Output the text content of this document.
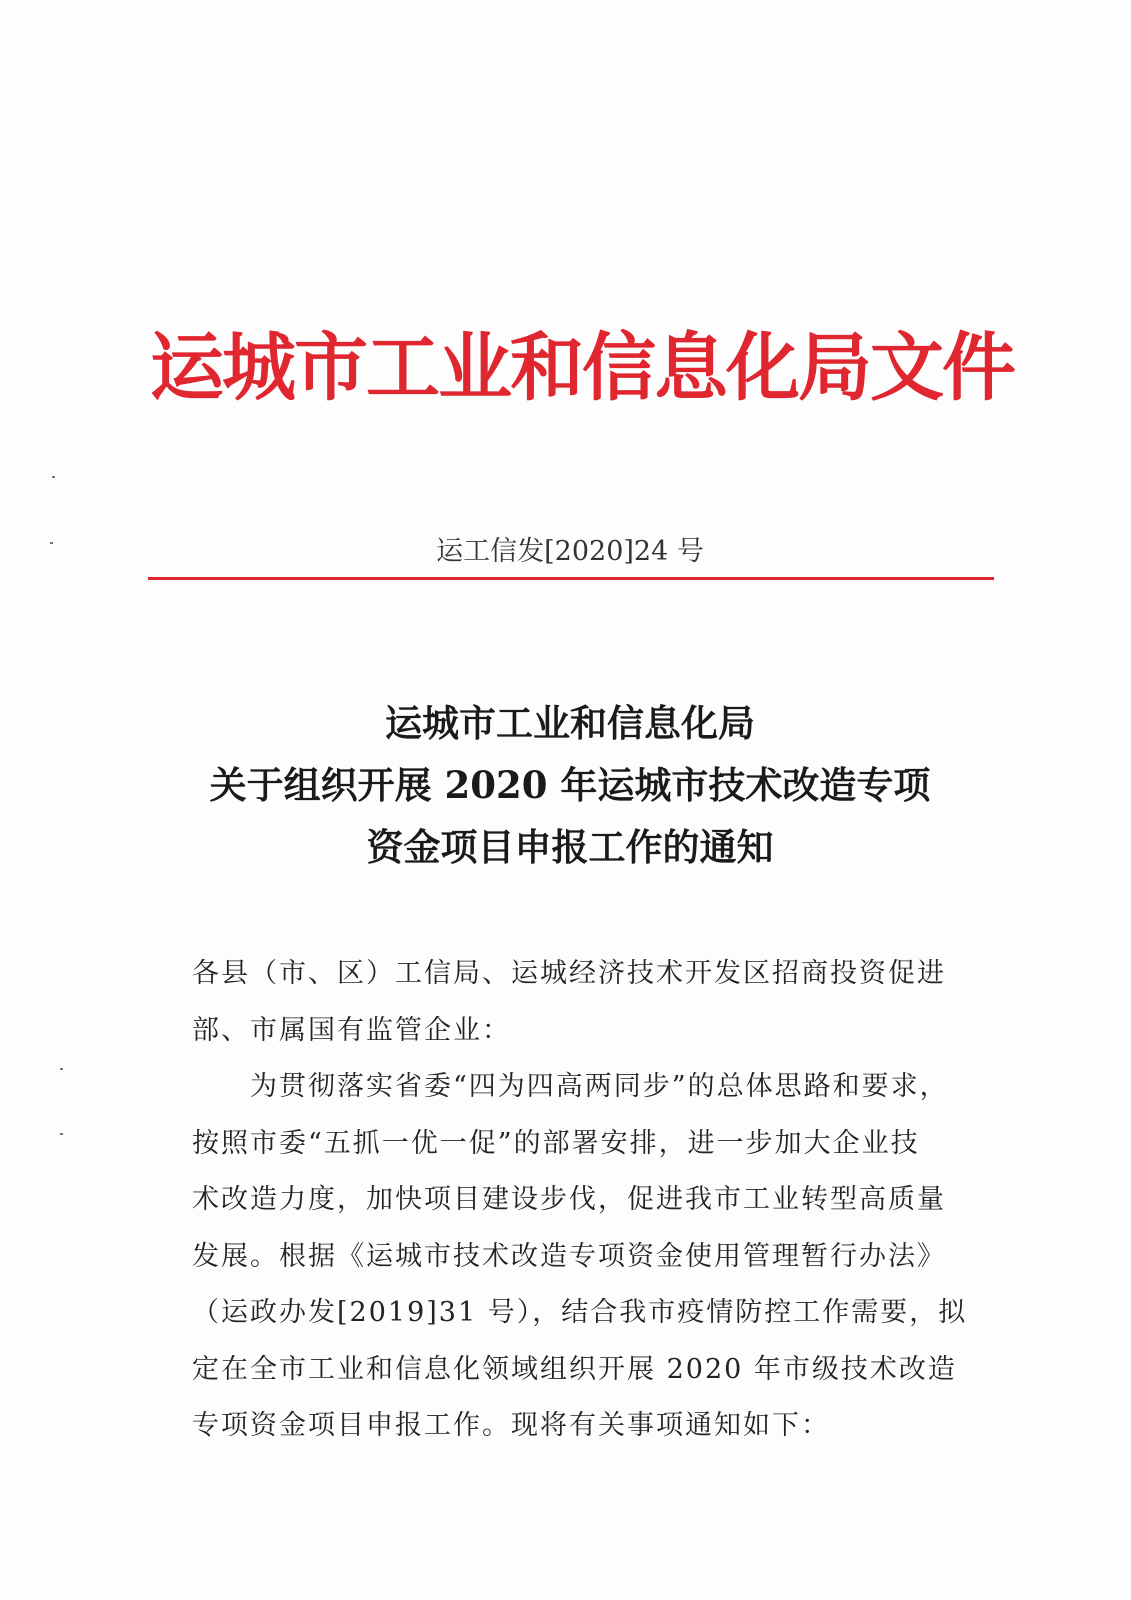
运城市工业和信息化局文件
运工信发[2020]24 号
运城市工业和信息化局
关于组织开展 2020 年运城市技术改造专项
资金项目申报工作的通知
各县（市、区）工信局、运城经济技术开发区招商投资促进
部、市属国有监管企业：
　　为贯彻落实省委“四为四高两同步”的总体思路和要求，
按照市委“五抓一优一促”的部署安排，进一步加大企业技
术改造力度，加快项目建设步伐，促进我市工业转型高质量
发展。根据《运城市技术改造专项资金使用管理暂行办法》
（运政办发[2019]31 号），结合我市疫情防控工作需要，拟
定在全市工业和信息化领域组织开展 2020 年市级技术改造
专项资金项目申报工作。现将有关事项通知如下：
